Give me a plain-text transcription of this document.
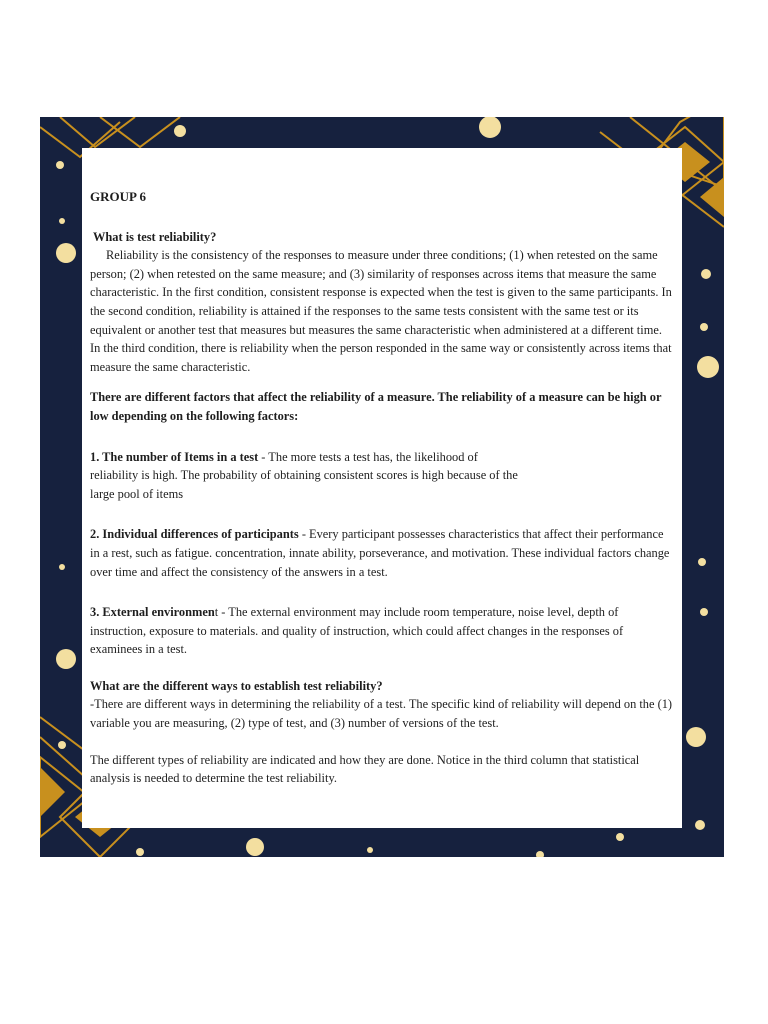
GROUP 6

What is test reliability?

Reliability is the consistency of the responses to measure under three conditions; (1) when retested on the same person; (2) when retested on the same measure; and (3) similarity of responses across items that measure the same characteristic. In the first condition, consistent response is expected when the test is given to the same participants. In the second condition, reliability is attained if the responses to the same tests consistent with the same test or its equivalent or another test that measures but measures the same characteristic when administered at a different time. In the third condition, there is reliability when the person responded in the same way or consistently across items that measure the same characteristic.

There are different factors that affect the reliability of a measure. The reliability of a measure can be high or low depending on the following factors:

1. The number of Items in a test - The more tests a test has, the likelihood of reliability is high. The probability of obtaining consistent scores is high because of the large pool of items

2. Individual differences of participants - Every participant possesses characteristics that affect their performance in a rest, such as fatigue. concentration, innate ability, porseverance, and motivation. These individual factors change over time and affect the consistency of the answers in a test.

3. External environment - The external environment may include room temperature, noise level, depth of instruction, exposure to materials. and quality of instruction, which could affect changes in the responses of examinees in a test.

What are the different ways to establish test reliability?

-There are different ways in determining the reliability of a test. The specific kind of reliability will depend on the (1) variable you are measuring, (2) type of test, and (3) number of versions of the test.

The different types of reliability are indicated and how they are done. Notice in the third column that statistical analysis is needed to determine the test reliability.
